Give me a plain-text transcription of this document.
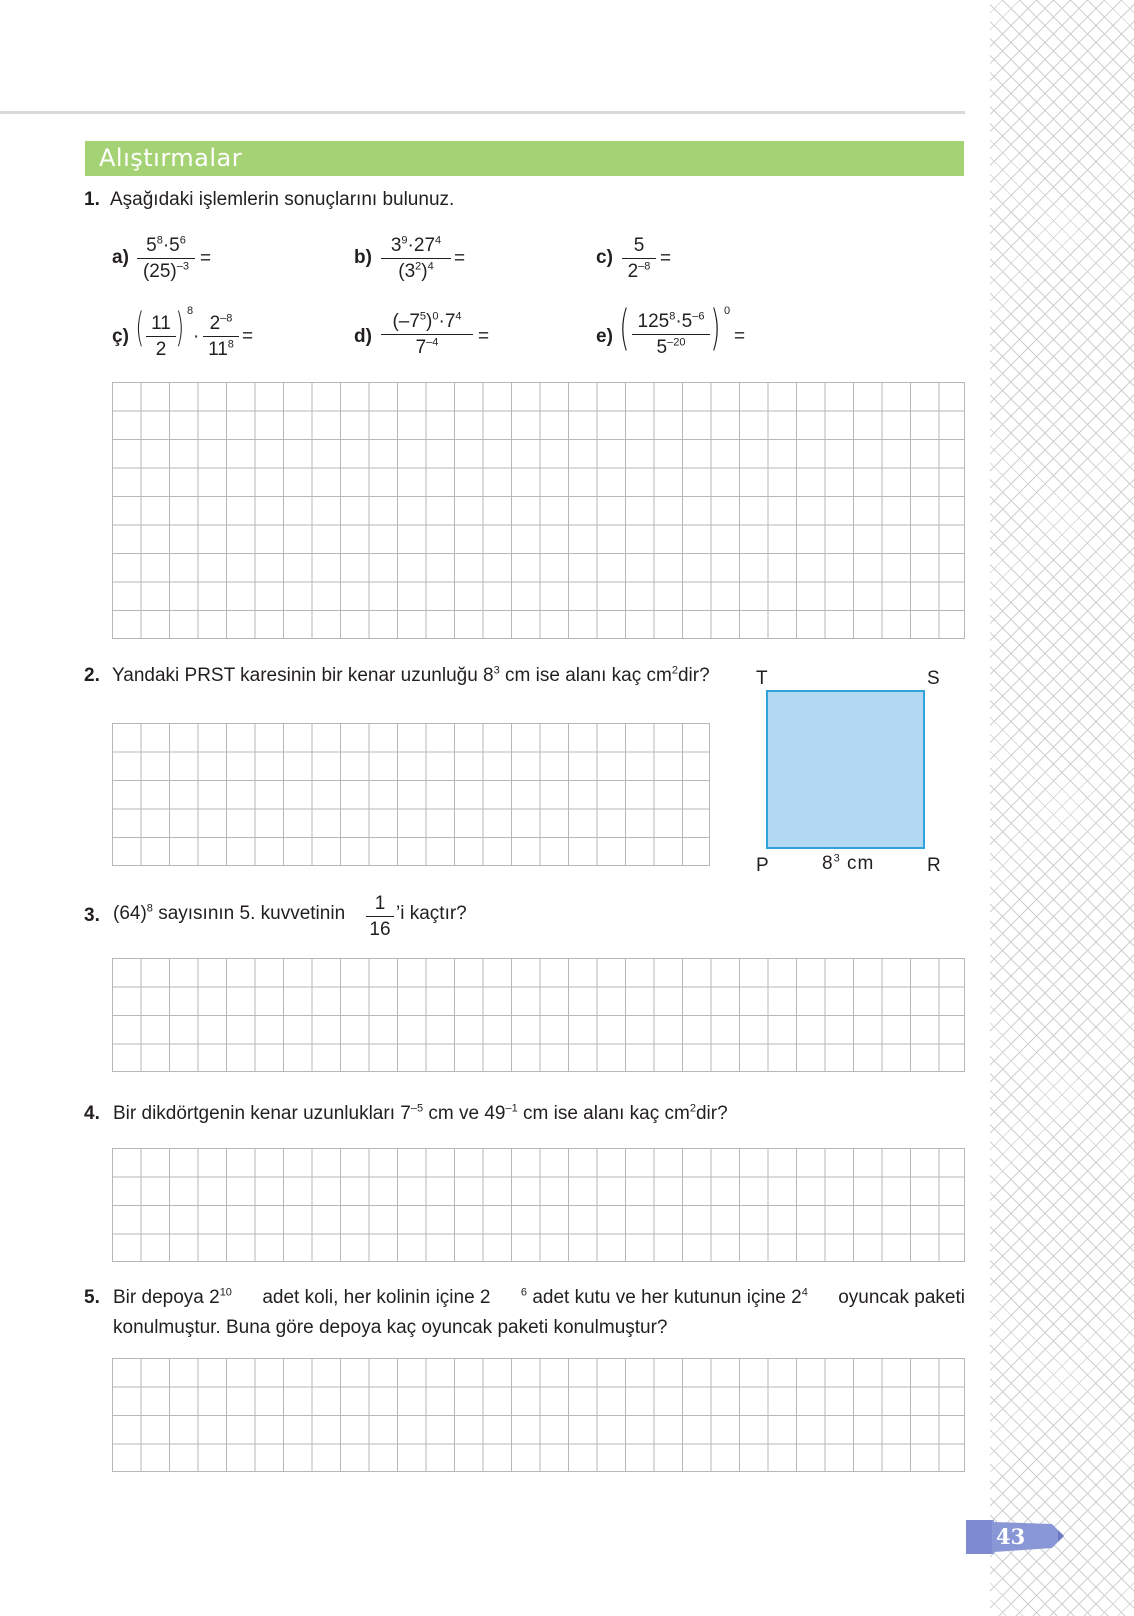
Alıştırmalar
1. Aşağıdaki işlemlerin sonuçlarını bulunuz.
a)
$5^8\cdot 5^6$
$(25)^{-3}$ =	b)
$3^9\cdot 27^4$
$(3^2)^4$	=	c)
5
$2^{-8}$ =
ç) ( 11
2 ) 8
·
$2^{-8}$
$11^8$ =	d)
$(-7^5)^0\cdot 7^4$
$7^{-4}$	=	e) ( $125^8\cdot 5^{-6}$
$5^{-20}$ ) 0
=
2. Yandaki PRST karesinin bir kenar uzunluğu $8^3$ cm ise alanı kaç $cm^2dir$? T	S
P	R
$8^3$ cm
3. $(64)^8$ sayısının 5. kuvvetinin	1
16
’i kaçtır?
4. Bir dikdörtgenin kenar uzunlukları $7^{-5}$ cm ve $49^{-1}$ cm ise alanı kaç $cm^2dir$?
5. Bir depoya $2^{10}$ adet koli, her kolinin içine 2	$^6$ adet kutu ve her kutunun içine $2^4$ oyuncak paketi
konulmuştur. Buna göre depoya kaç oyuncak paketi konulmuştur?
43
